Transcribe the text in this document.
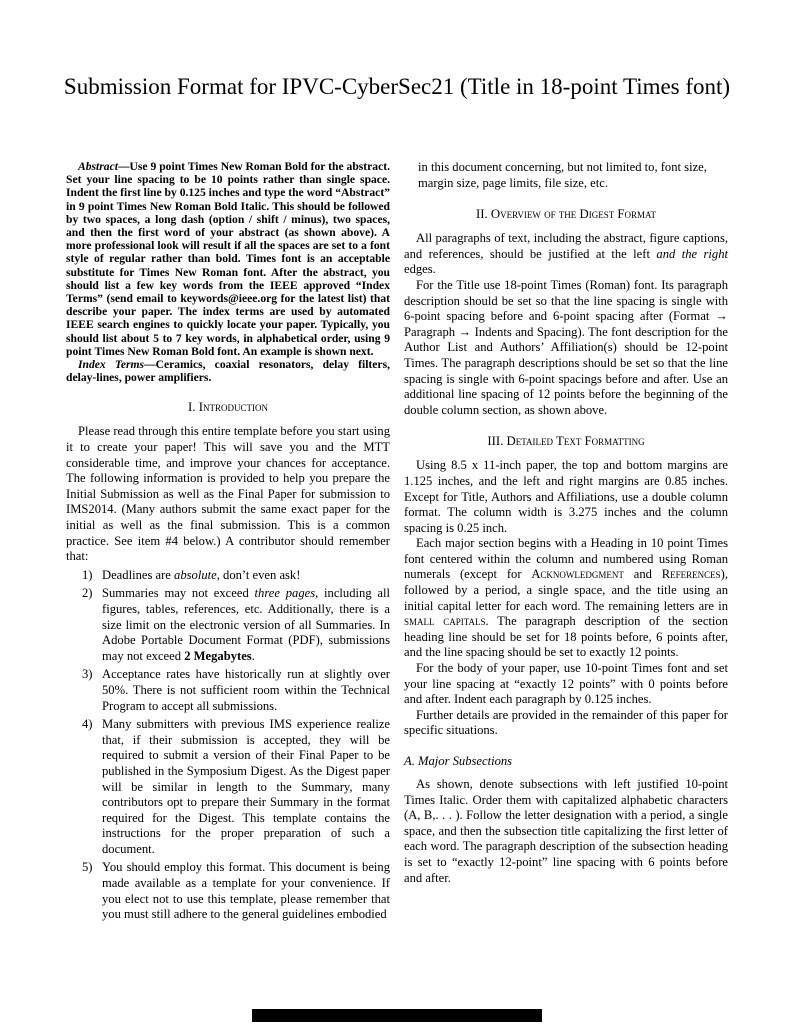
Submission Format for IPVC-CyberSec21 (Title in 18-point Times font)

Abstract—Use 9 point Times New Roman Bold for the abstract. Set your line spacing to be 10 points rather than single space. Indent the first line by 0.125 inches and type the word “Abstract” in 9 point Times New Roman Bold Italic. This should be followed by two spaces, a long dash (option / shift / minus), two spaces, and then the first word of your abstract (as shown above). A more professional look will result if all the spaces are set to a font style of regular rather than bold. Times font is an acceptable substitute for Times New Roman font. After the abstract, you should list a few key words from the IEEE approved “Index Terms” (send email to keywords@ieee.org for the latest list) that describe your paper. The index terms are used by automated IEEE search engines to quickly locate your paper. Typically, you should list about 5 to 7 key words, in alphabetical order, using 9 point Times New Roman Bold font. An example is shown next.

Index Terms—Ceramics, coaxial resonators, delay filters, delay-lines, power amplifiers.

I. Introduction

Please read through this entire template before you start using it to create your paper! This will save you and the MTT considerable time, and improve your chances for acceptance. The following information is provided to help you prepare the Initial Submission as well as the Final Paper for submission to IMS2014. (Many authors submit the same exact paper for the initial as well as the final submission. This is a common practice. See item #4 below.) A contributor should remember that:

1) Deadlines are absolute, don’t even ask!
2) Summaries may not exceed three pages, including all figures, tables, references, etc. Additionally, there is a size limit on the electronic version of all Summaries. In Adobe Portable Document Format (PDF), submissions may not exceed 2 Megabytes.
3) Acceptance rates have historically run at slightly over 50%. There is not sufficient room within the Technical Program to accept all submissions.
4) Many submitters with previous IMS experience realize that, if their submission is accepted, they will be required to submit a version of their Final Paper to be published in the Symposium Digest. As the Digest paper will be similar in length to the Summary, many contributors opt to prepare their Summary in the format required for the Digest. This template contains the instructions for the proper preparation of such a document.
5) You should employ this format. This document is being made available as a template for your convenience. If you elect not to use this template, please remember that you must still adhere to the general guidelines embodied

in this document concerning, but not limited to, font size, margin size, page limits, file size, etc.

II. Overview of the Digest Format

All paragraphs of text, including the abstract, figure captions, and references, should be justified at the left and the right edges.

For the Title use 18-point Times (Roman) font. Its paragraph description should be set so that the line spacing is single with 6-point spacing before and 6-point spacing after (Format → Paragraph → Indents and Spacing). The font description for the Author List and Authors’ Affiliation(s) should be 12-point Times. The paragraph descriptions should be set so that the line spacing is single with 6-point spacings before and after. Use an additional line spacing of 12 points before the beginning of the double column section, as shown above.

III. Detailed Text Formatting

Using 8.5 x 11-inch paper, the top and bottom margins are 1.125 inches, and the left and right margins are 0.85 inches. Except for Title, Authors and Affiliations, use a double column format. The column width is 3.275 inches and the column spacing is 0.25 inch.

Each major section begins with a Heading in 10 point Times font centered within the column and numbered using Roman numerals (except for Acknowledgment and References), followed by a period, a single space, and the title using an initial capital letter for each word. The remaining letters are in small capitals. The paragraph description of the section heading line should be set for 18 points before, 6 points after, and the line spacing should be set to exactly 12 points.

For the body of your paper, use 10-point Times font and set your line spacing at “exactly 12 points” with 0 points before and after. Indent each paragraph by 0.125 inches.

Further details are provided in the remainder of this paper for specific situations.

A. Major Subsections

As shown, denote subsections with left justified 10-point Times Italic. Order them with capitalized alphabetic characters (A, B,. . . ). Follow the letter designation with a period, a single space, and then the subsection title capitalizing the first letter of each word. The paragraph description of the subsection heading is set to “exactly 12-point” line spacing with 6 points before and after.
